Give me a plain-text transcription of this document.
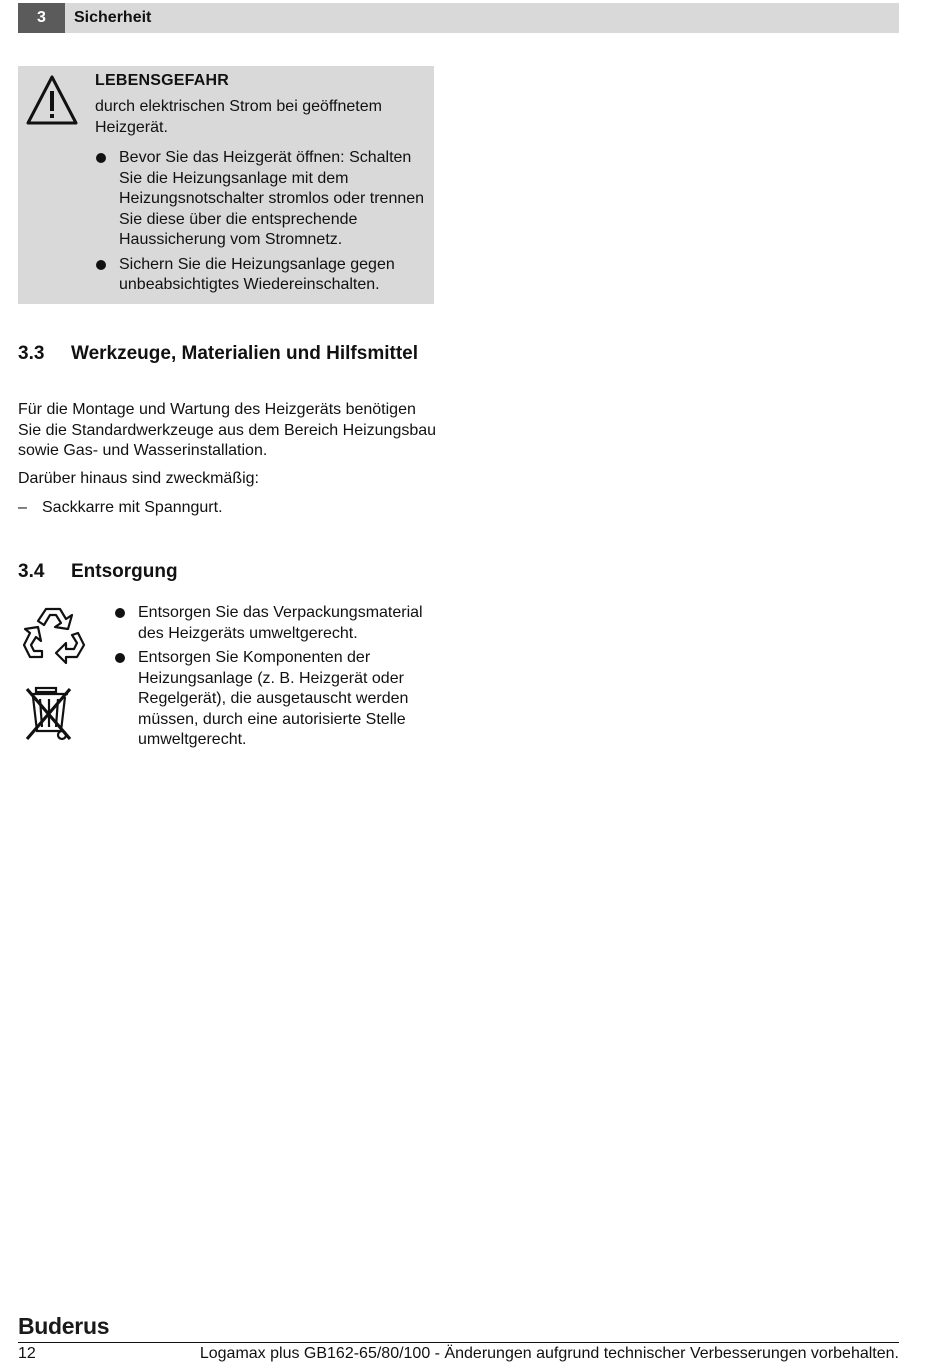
3	Sicherheit
LEBENSGEFAHR
durch elektrischen Strom bei geöffnetem Heizgerät.
Bevor Sie das Heizgerät öffnen: Schalten Sie die Heizungsanlage mit dem Heizungsnotschalter stromlos oder trennen Sie diese über die entsprechende Haussicherung vom Stromnetz.
Sichern Sie die Heizungsanlage gegen unbeabsichtigtes Wiedereinschalten.
3.3 Werkzeuge, Materialien und Hilfsmittel
Für die Montage und Wartung des Heizgeräts benötigen Sie die Standardwerkzeuge aus dem Bereich Heizungsbau sowie Gas- und Wasserinstallation.
Darüber hinaus sind zweckmäßig:
– Sackkarre mit Spanngurt.
3.4 Entsorgung
Entsorgen Sie das Verpackungsmaterial des Heizgeräts umweltgerecht.
Entsorgen Sie Komponenten der Heizungsanlage (z. B. Heizgerät oder Regelgerät), die ausgetauscht werden müssen, durch eine autorisierte Stelle umweltgerecht.
Buderus
12	Logamax plus GB162-65/80/100 - Änderungen aufgrund technischer Verbesserungen vorbehalten.
